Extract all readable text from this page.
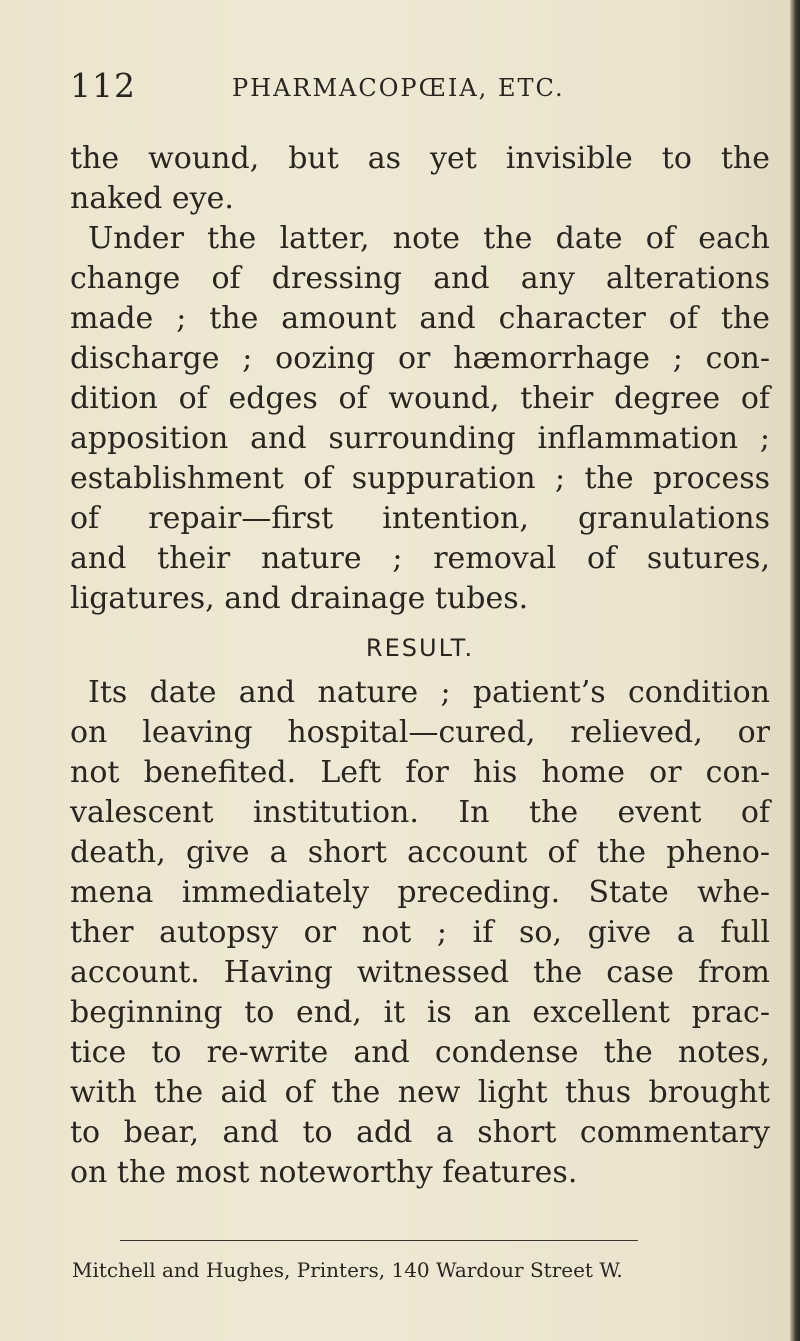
112	PHARMACOPŒIA, ETC.
the wound, but as yet invisible to the
naked eye.
Under the latter, note the date of each
change of dressing and any alterations
made ; the amount and character of the
discharge ; oozing or hæmorrhage ; con-
dition of edges of wound, their degree of
apposition and surrounding inflammation ;
establishment of suppuration ; the process
of repair—first intention, granulations
and their nature ; removal of sutures,
ligatures, and drainage tubes.
RESULT.
Its date and nature ; patient’s condition
on leaving hospital—cured, relieved, or
not benefited. Left for his home or con-
valescent institution. In the event of
death, give a short account of the pheno-
mena immediately preceding. State whe-
ther autopsy or not ; if so, give a full
account. Having witnessed the case from
beginning to end, it is an excellent prac-
tice to re-write and condense the notes,
with the aid of the new light thus brought
to bear, and to add a short commentary
on the most noteworthy features.
Mitchell and Hughes, Printers, 140 Wardour Street W.
